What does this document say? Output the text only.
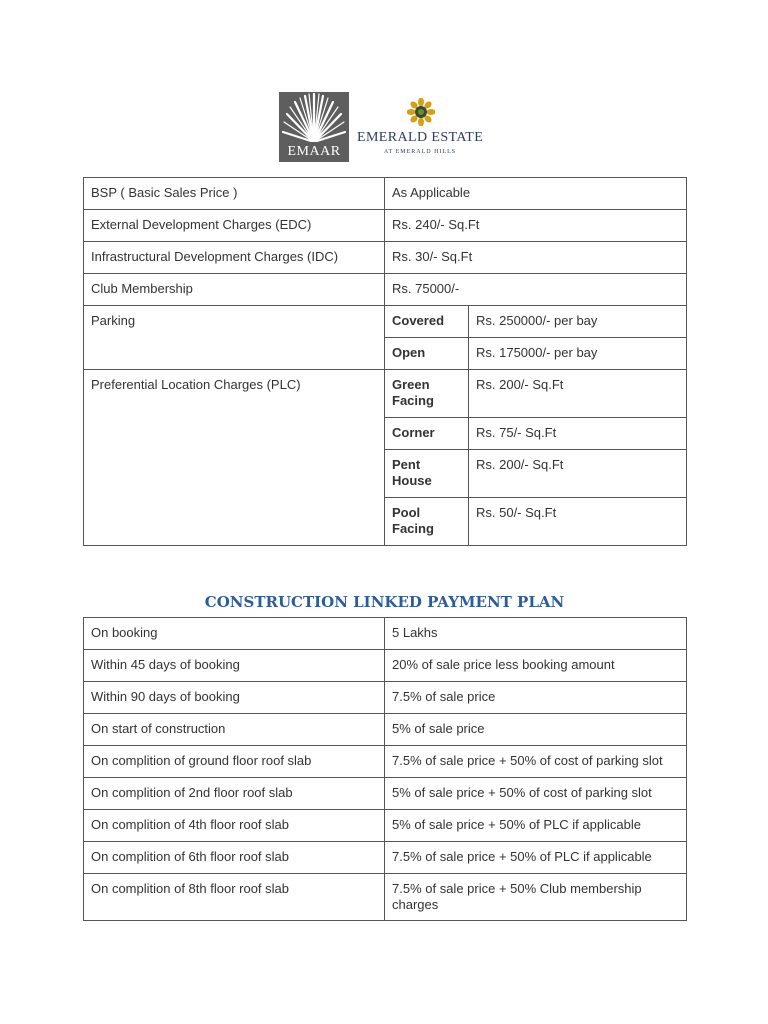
EMAAR
EMERALD ESTATE
AT EMERALD HILLS
BSP ( Basic Sales Price )	As Applicable	
External Development Charges (EDC)	Rs. 240/- Sq.Ft	
Infrastructural Development Charges (IDC)	Rs. 30/- Sq.Ft	
Club Membership	Rs. 75000/-	
Parking	Covered	Rs. 250000/- per bay
	Open	Rs. 175000/- per bay
Preferential Location Charges (PLC)	Green Facing	Rs. 200/- Sq.Ft
	Corner	Rs. 75/- Sq.Ft
	Pent House	Rs. 200/- Sq.Ft
	Pool Facing	Rs. 50/- Sq.Ft
CONSTRUCTION LINKED PAYMENT PLAN
On booking	5 Lakhs
Within 45 days of booking	20% of sale price less booking amount
Within 90 days of booking	7.5% of sale price
On start of construction	5% of sale price
On complition of ground floor roof slab	7.5% of sale price + 50% of cost of parking slot
On complition of 2nd floor roof slab	5% of sale price + 50% of cost of parking slot
On complition of 4th floor roof slab	5% of sale price + 50% of PLC if applicable
On complition of 6th floor roof slab	7.5% of sale price + 50% of PLC if applicable
On complition of 8th floor roof slab	7.5% of sale price + 50% Club membership charges
